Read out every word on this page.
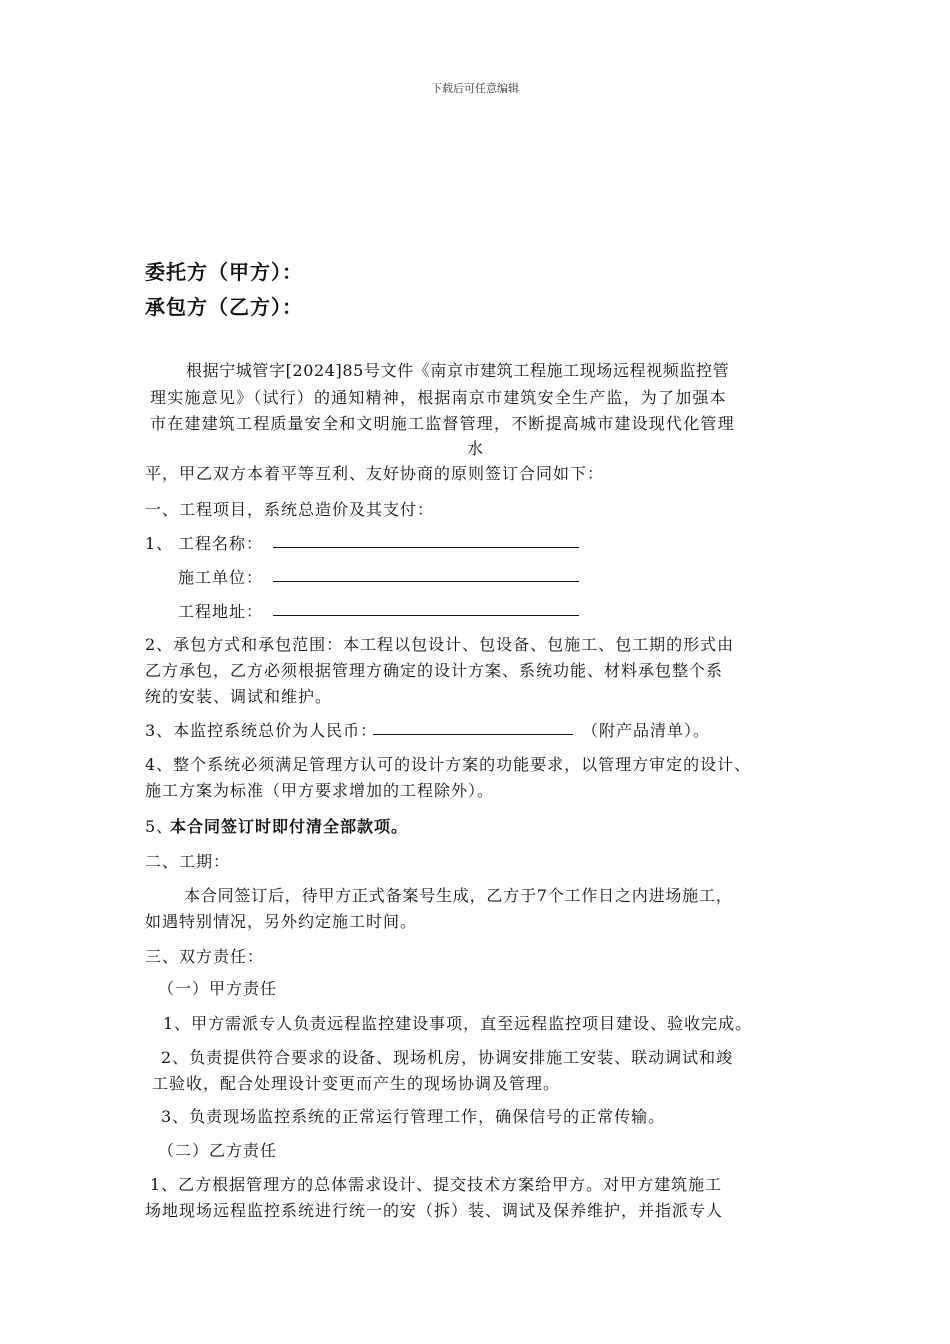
下载后可任意编辑
委托方（甲方）：
承包方（乙方）：
根据宁城管字[2024]85号文件《南京市建筑工程施工现场远程视频监控管
理实施意见》（试行）的通知精神，根据南京市建筑安全生产监，为了加强本
市在建建筑工程质量安全和文明施工监督管理，不断提高城市建设现代化管理
水
平，甲乙双方本着平等互利、友好协商的原则签订合同如下：
一、工程项目，系统总造价及其支付：
1、 工程名称：
施工单位：
工程地址：
2、承包方式和承包范围：本工程以包设计、包设备、包施工、包工期的形式由
乙方承包，乙方必须根据管理方确定的设计方案、系统功能、材料承包整个系
统的安装、调试和维护。
3、本监控系统总价为人民币：	（附产品清单）。
4、整个系统必须满足管理方认可的设计方案的功能要求，以管理方审定的设计、
施工方案为标准（甲方要求增加的工程除外）。
5、
本合同签订时即付清全部款项。
二、工期：
本合同签订后，待甲方正式备案号生成，乙方于7个工作日之内进场施工，
如遇特别情况，另外约定施工时间。
三、双方责任：
（一）甲方责任
1、甲方需派专人负责远程监控建设事项，直至远程监控项目建设、验收完成。
2、负责提供符合要求的设备、现场机房，协调安排施工安装、联动调试和竣
工验收，配合处理设计变更而产生的现场协调及管理。
3、负责现场监控系统的正常运行管理工作，确保信号的正常传输。
（二）乙方责任
1、乙方根据管理方的总体需求设计、提交技术方案给甲方。对甲方建筑施工
场地现场远程监控系统进行统一的安（拆）装、调试及保养维护，并指派专人
